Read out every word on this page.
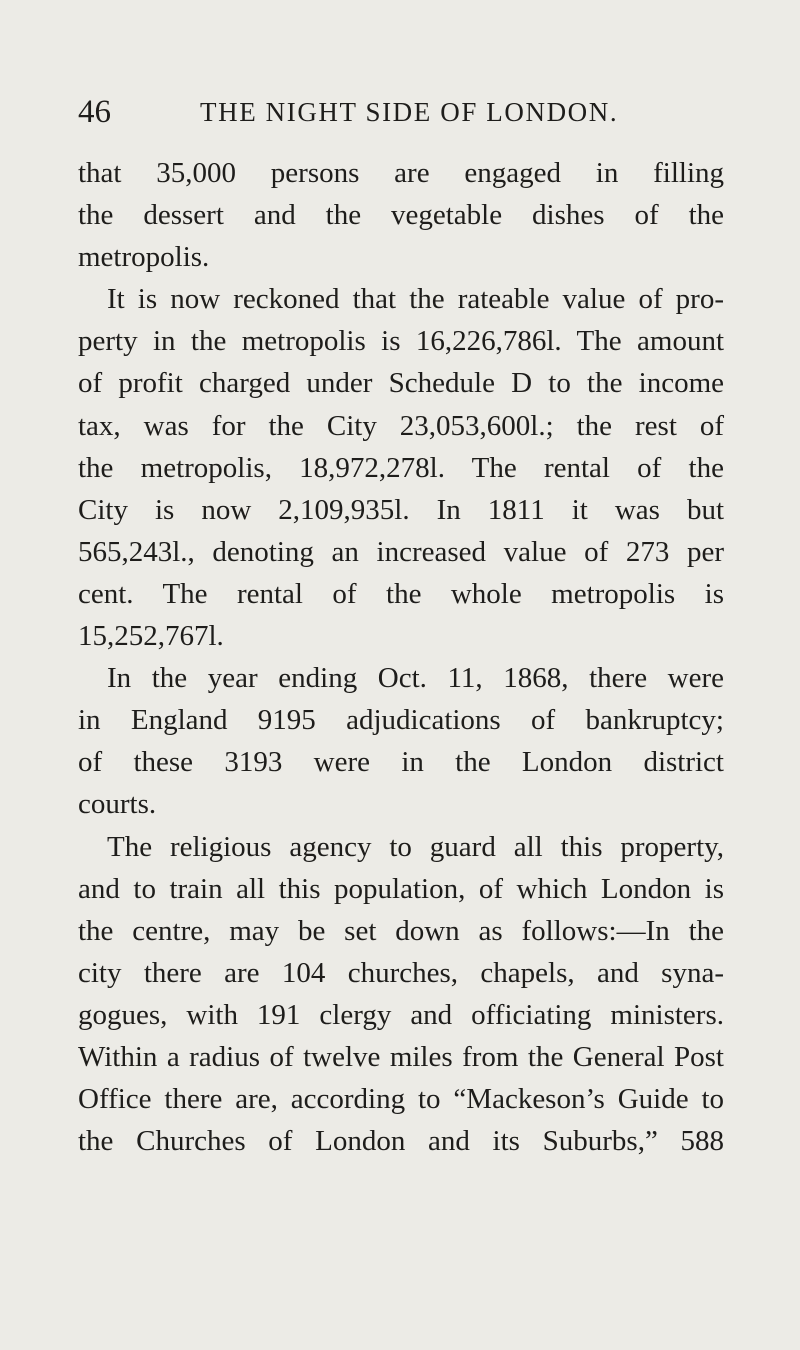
46	THE NIGHT SIDE OF LONDON.
that 35,000 persons are engaged in filling
the dessert and the vegetable dishes of the
metropolis.
It is now reckoned that the rateable value of pro-
perty in the metropolis is 16,226,786l. The amount
of profit charged under Schedule D to the income
tax, was for the City 23,053,600l.; the rest of
the metropolis, 18,972,278l. The rental of the
City is now 2,109,935l. In 1811 it was but
565,243l., denoting an increased value of 273 per
cent. The rental of the whole metropolis is
15,252,767l.
In the year ending Oct. 11, 1868, there were
in England 9195 adjudications of bankruptcy;
of these 3193 were in the London district
courts.
The religious agency to guard all this property,
and to train all this population, of which London is
the centre, may be set down as follows:—In the
city there are 104 churches, chapels, and syna-
gogues, with 191 clergy and officiating ministers.
Within a radius of twelve miles from the General Post
Office there are, according to “Mackeson’s Guide to
the Churches of London and its Suburbs,” 588
